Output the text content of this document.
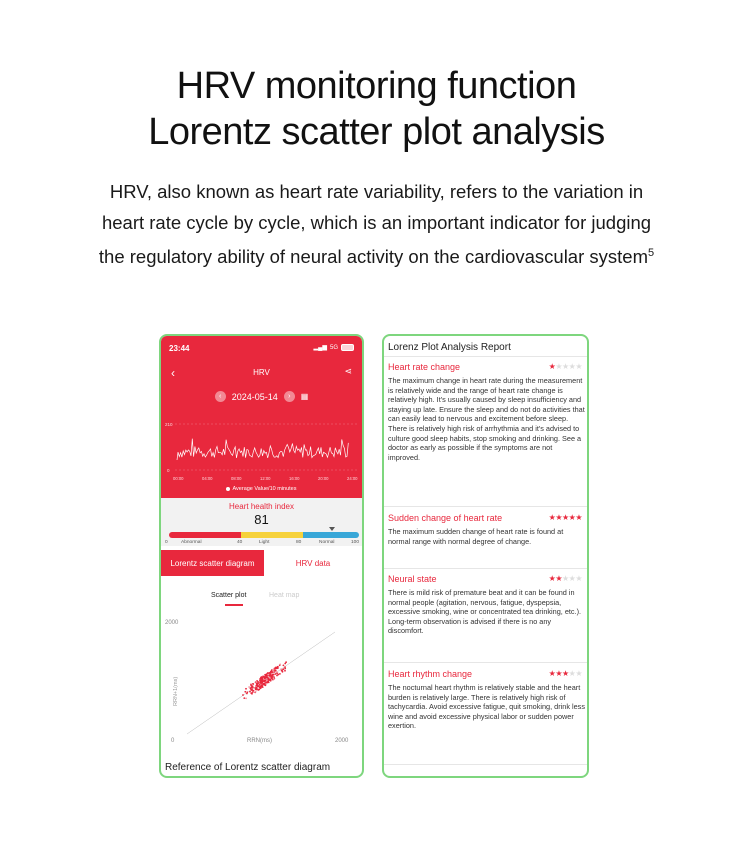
HRV monitoring function
Lorentz scatter plot analysis
HRV, also known as heart rate variability, refers to the variation in heart rate cycle by cycle, which is an important indicator for judging the regulatory ability of neural activity on the cardiovascular system$^5$
23:44	▂▄▆ 5G
‹	HRV	⋖
‹	2024-05-14	›	▦
210
0
00:00	04:00	08:00	12:00	16:00	20:00	24:00
Average Value/10 minutes
Heart health index
81
0	Abnormal	40	Light	80	Normal	100
Lorentz scatter diagram	HRV data
Scatter plot	Heat map
2000
RRN+1(ms)
0	RRN(ms)	2000
Reference of Lorentz scatter diagram
Lorenz Plot Analysis Report
Heart rate change	★★★★★
The maximum change in heart rate during the measurement is relatively wide and the range of heart rate change is relatively high. It's usually caused by sleep insufficiency and staying up late. Ensure the sleep and do not do activities that can easily lead to nervous and excitement before sleep. There is relatively high risk of arrhythmia and it's advised to culture good sleep habits, stop smoking and drinking. See a doctor as early as possible if the symptoms are not improved.
Sudden change of heart rate	★★★★★
The maximum sudden change of heart rate is found at normal range with normal degree of change.
Neural state	★★★★★
There is mild risk of premature beat and it can be found in normal people (agitation, nervous, fatigue, dyspepsia, excessive smoking, wine or concentrated tea drinking, etc.). Long-term observation is advised if there is no any discomfort.
Heart rhythm change	★★★★★
The nocturnal heart rhythm is relatively stable and the heart burden is relatively large. There is relatively high risk of tachycardia. Avoid excessive fatigue, quit smoking, drink less wine and avoid excessive physical labor or sudden power exertion.
